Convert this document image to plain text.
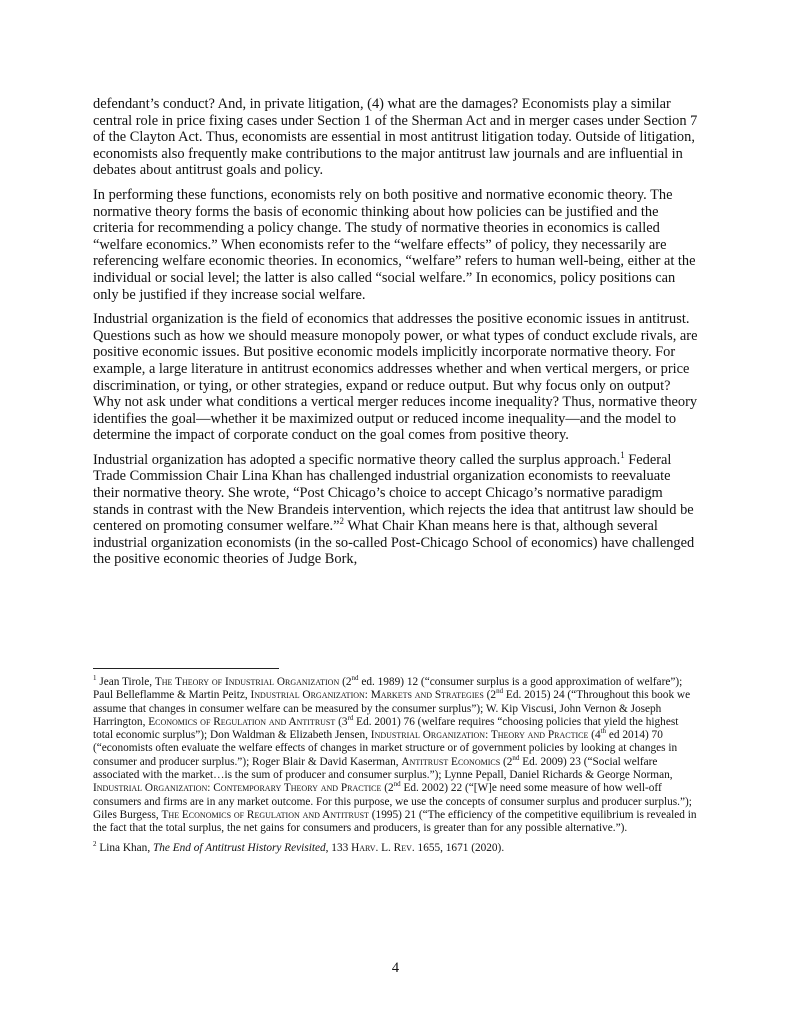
defendant’s conduct? And, in private litigation, (4) what are the damages? Economists play a similar central role in price fixing cases under Section 1 of the Sherman Act and in merger cases under Section 7 of the Clayton Act. Thus, economists are essential in most antitrust litigation today. Outside of litigation, economists also frequently make contributions to the major antitrust law journals and are influential in debates about antitrust goals and policy.

In performing these functions, economists rely on both positive and normative economic theory. The normative theory forms the basis of economic thinking about how policies can be justified and the criteria for recommending a policy change. The study of normative theories in economics is called “welfare economics.” When economists refer to the “welfare effects” of policy, they necessarily are referencing welfare economic theories. In economics, “welfare” refers to human well-being, either at the individual or social level; the latter is also called “social welfare.” In economics, policy positions can only be justified if they increase social welfare.

Industrial organization is the field of economics that addresses the positive economic issues in antitrust. Questions such as how we should measure monopoly power, or what types of conduct exclude rivals, are positive economic issues. But positive economic models implicitly incorporate normative theory. For example, a large literature in antitrust economics addresses whether and when vertical mergers, or price discrimination, or tying, or other strategies, expand or reduce output. But why focus only on output? Why not ask under what conditions a vertical merger reduces income inequality? Thus, normative theory identifies the goal—whether it be maximized output or reduced income inequality—and the model to determine the impact of corporate conduct on the goal comes from positive theory.

Industrial organization has adopted a specific normative theory called the surplus approach.$^1$ Federal Trade Commission Chair Lina Khan has challenged industrial organization economists to reevaluate their normative theory. She wrote, “Post Chicago’s choice to accept Chicago’s normative paradigm stands in contrast with the New Brandeis intervention, which rejects the idea that antitrust law should be centered on promoting consumer welfare.”$^2$ What Chair Khan means here is that, although several industrial organization economists (in the so-called Post-Chicago School of economics) have challenged the positive economic theories of Judge Bork,

$^1$ Jean Tirole, The Theory of Industrial Organization (2nd ed. 1989) 12 (“consumer surplus is a good approximation of welfare”); Paul Belleflamme & Martin Peitz, Industrial Organization: Markets and Strategies (2nd Ed. 2015) 24 (“Throughout this book we assume that changes in consumer welfare can be measured by the consumer surplus”); W. Kip Viscusi, John Vernon & Joseph Harrington, Economics of Regulation and Antitrust (3rd Ed. 2001) 76 (welfare requires “choosing policies that yield the highest total economic surplus”); Don Waldman & Elizabeth Jensen, Industrial Organization: Theory and Practice (4th ed 2014) 70 (“economists often evaluate the welfare effects of changes in market structure or of government policies by looking at changes in consumer and producer surplus.”); Roger Blair & David Kaserman, Antitrust Economics (2nd Ed. 2009) 23 (“Social welfare associated with the market…is the sum of producer and consumer surplus.”); Lynne Pepall, Daniel Richards & George Norman, Industrial Organization: Contemporary Theory and Practice (2nd Ed. 2002) 22 (“[W]e need some measure of how well-off consumers and firms are in any market outcome. For this purpose, we use the concepts of consumer surplus and producer surplus.”); Giles Burgess, The Economics of Regulation and Antitrust (1995) 21 (“The efficiency of the competitive equilibrium is revealed in the fact that the total surplus, the net gains for consumers and producers, is greater than for any possible alternative.”).

$^2$ Lina Khan, The End of Antitrust History Revisited, 133 Harv. L. Rev. 1655, 1671 (2020).

4
